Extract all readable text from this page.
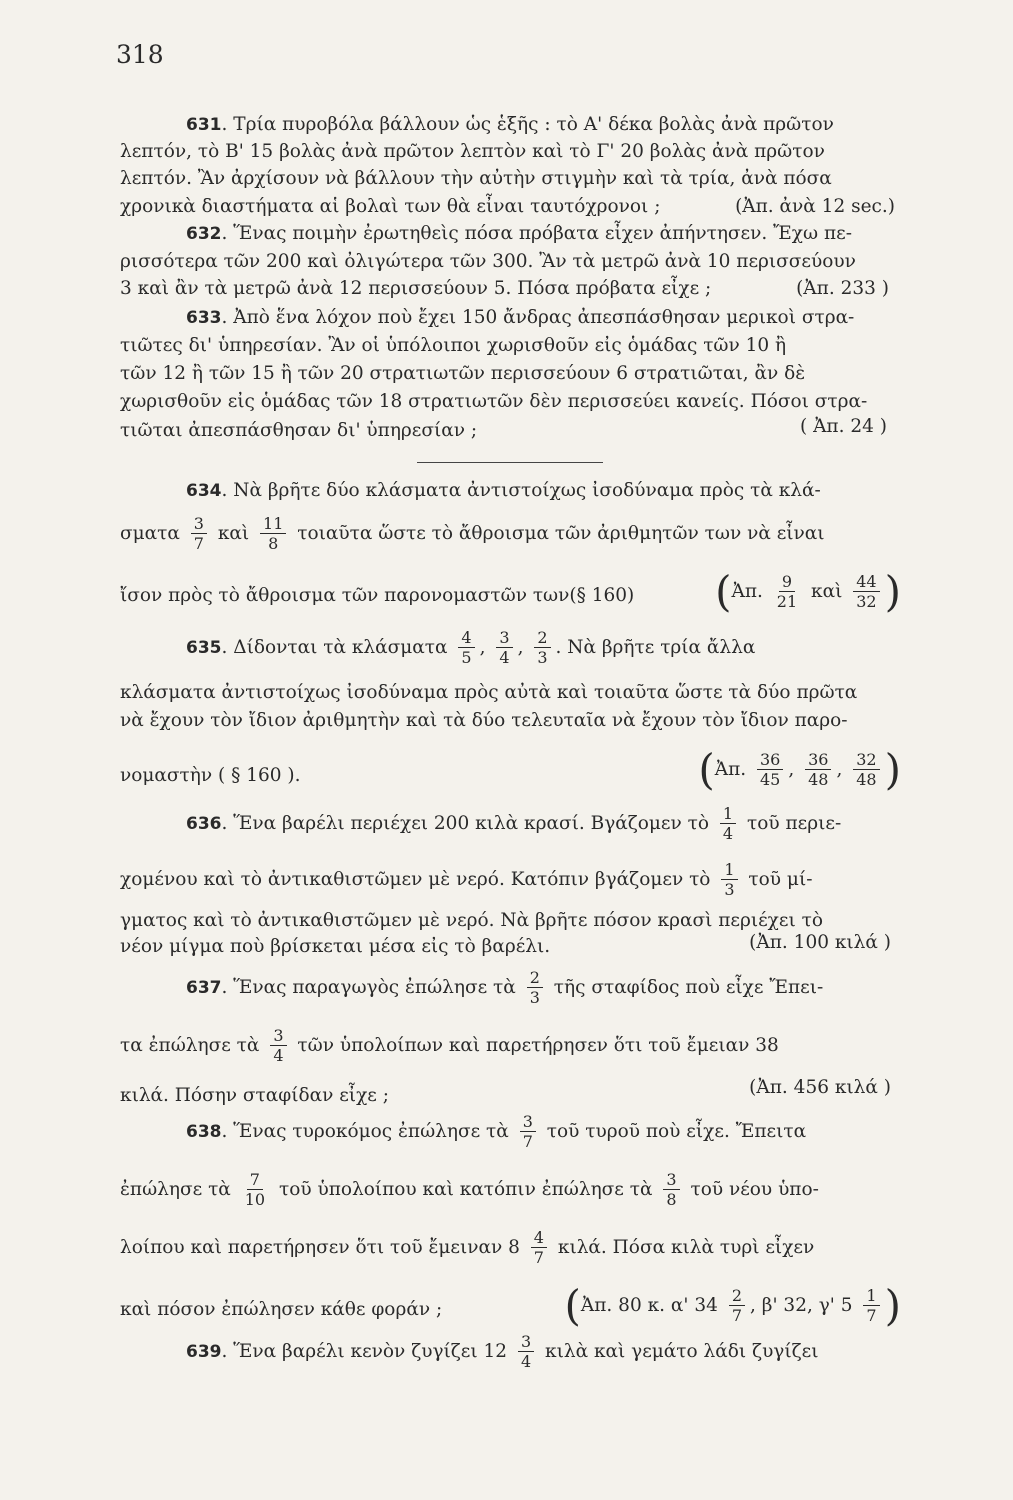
318
631. Τρία πυροβόλα βάλλουν ὡς ἑξῆς : τὸ Α' δέκα βολὰς ἀνὰ πρῶτον
λεπτόν, τὸ Β' 15 βολὰς ἀνὰ πρῶτον λεπτὸν καὶ τὸ Γ' 20 βολὰς ἀνὰ πρῶτον
λεπτόν. Ἂν ἀρχίσουν νὰ βάλλουν τὴν αὐτὴν στιγμὴν καὶ τὰ τρία, ἀνὰ πόσα
χρονικὰ διαστήματα αἱ βολαὶ των θὰ εἶναι ταυτόχρονοι ;	(Ἀπ. ἀνὰ 12 sec.)
632. Ἕνας ποιμὴν ἐρωτηθεὶς πόσα πρόβατα εἶχεν ἀπήντησεν. Ἔχω πε-
ρισσότερα τῶν 200 καὶ ὀλιγώτερα τῶν 300. Ἂν τὰ μετρῶ ἀνὰ 10 περισσεύουν
3 καὶ ἂν τὰ μετρῶ ἀνὰ 12 περισσεύουν 5. Πόσα πρόβατα εἶχε ;	(Ἀπ. 233 )
633. Ἀπὸ ἕνα λόχον ποὺ ἔχει 150 ἄνδρας ἀπεσπάσθησαν μερικοὶ στρα-
τιῶτες δι' ὑπηρεσίαν. Ἂν οἱ ὑπόλοιποι χωρισθοῦν εἰς ὁμάδας τῶν 10 ἢ
τῶν 12 ἢ τῶν 15 ἢ τῶν 20 στρατιωτῶν περισσεύουν 6 στρατιῶται, ἂν δὲ
χωρισθοῦν εἰς ὁμάδας τῶν 18 στρατιωτῶν δὲν περισσεύει κανείς. Πόσοι στρα-
τιῶται ἀπεσπάσθησαν δι' ὑπηρεσίαν ;	( Ἀπ. 24 )
634. Νὰ βρῆτε δύο κλάσματα ἀντιστοίχως ἰσοδύναμα πρὸς τὰ κλά-
σματα $\frac{3}{7}$ καὶ $\frac{11}{8}$ τοιαῦτα ὥστε τὸ ἄθροισμα τῶν ἀριθμητῶν των νὰ εἶναι
ἴσον πρὸς τὸ ἄθροισμα τῶν παρονομαστῶν των(§ 160) (Ἀπ. $\frac{9}{21}$ καὶ $\frac{44}{32}$ )
635. Δίδονται τὰ κλάσματα $\frac{4}{5}$ , $\frac{3}{4}$ , $\frac{2}{3}$ . Νὰ βρῆτε τρία ἄλλα
κλάσματα ἀντιστοίχως ἰσοδύναμα πρὸς αὐτὰ καὶ τοιαῦτα ὥστε τὰ δύο πρῶτα
νὰ ἔχουν τὸν ἴδιον ἀριθμητὴν καὶ τὰ δύο τελευταῖα νὰ ἔχουν τὸν ἴδιον παρο-
νομαστὴν ( § 160 ).	(Ἀπ. $\frac{36}{45}$ , $\frac{36}{48}$ , $\frac{32}{48}$ )
636. Ἕνα βαρέλι περιέχει 200 κιλὰ κρασί. Βγάζομεν τὸ $\frac{1}{4}$ τοῦ περιε-
χομένου καὶ τὸ ἀντικαθιστῶμεν μὲ νερό. Κατόπιν βγάζομεν τὸ $\frac{1}{3}$ τοῦ μί-
γματος καὶ τὸ ἀντικαθιστῶμεν μὲ νερό. Νὰ βρῆτε πόσον κρασὶ περιέχει τὸ
νέον μίγμα ποὺ βρίσκεται μέσα εἰς τὸ βαρέλι.	(Ἀπ. 100 κιλά )
637. Ἕνας παραγωγὸς ἐπώλησε τὰ $\frac{2}{3}$ τῆς σταφίδος ποὺ εἶχε Ἔπει-
τα ἐπώλησε τὰ $\frac{3}{4}$ τῶν ὑπολοίπων καὶ παρετήρησεν ὅτι τοῦ ἔμειαν 38
κιλά. Πόσην σταφίδαν εἶχε ;	(Ἀπ. 456 κιλά )
638. Ἕνας τυροκόμος ἐπώλησε τὰ $\frac{3}{7}$ τοῦ τυροῦ ποὺ εἶχε. Ἔπειτα
ἐπώλησε τὰ $\frac{7}{10}$ τοῦ ὑπολοίπου καὶ κατόπιν ἐπώλησε τὰ $\frac{3}{8}$ τοῦ νέου ὑπο-
λοίπου καὶ παρετήρησεν ὅτι τοῦ ἔμειναν $8 \frac{4}{7} \kappa\iota\lambda ά$. Πόσα κιλὰ τυρὶ εἶχεν
καὶ πόσον ἐπώλησεν κάθε φοράν ;	(Ἀπ. 80 κ. α' $34 \frac{2}{7}$ , β' 32, γ' $5 \frac{1}{7}$ )
639. Ἕνα βαρέλι κενὸν ζυγίζει $12 \frac{3}{4}$ κιλὰ καὶ γεμάτο λάδι ζυγίζει
